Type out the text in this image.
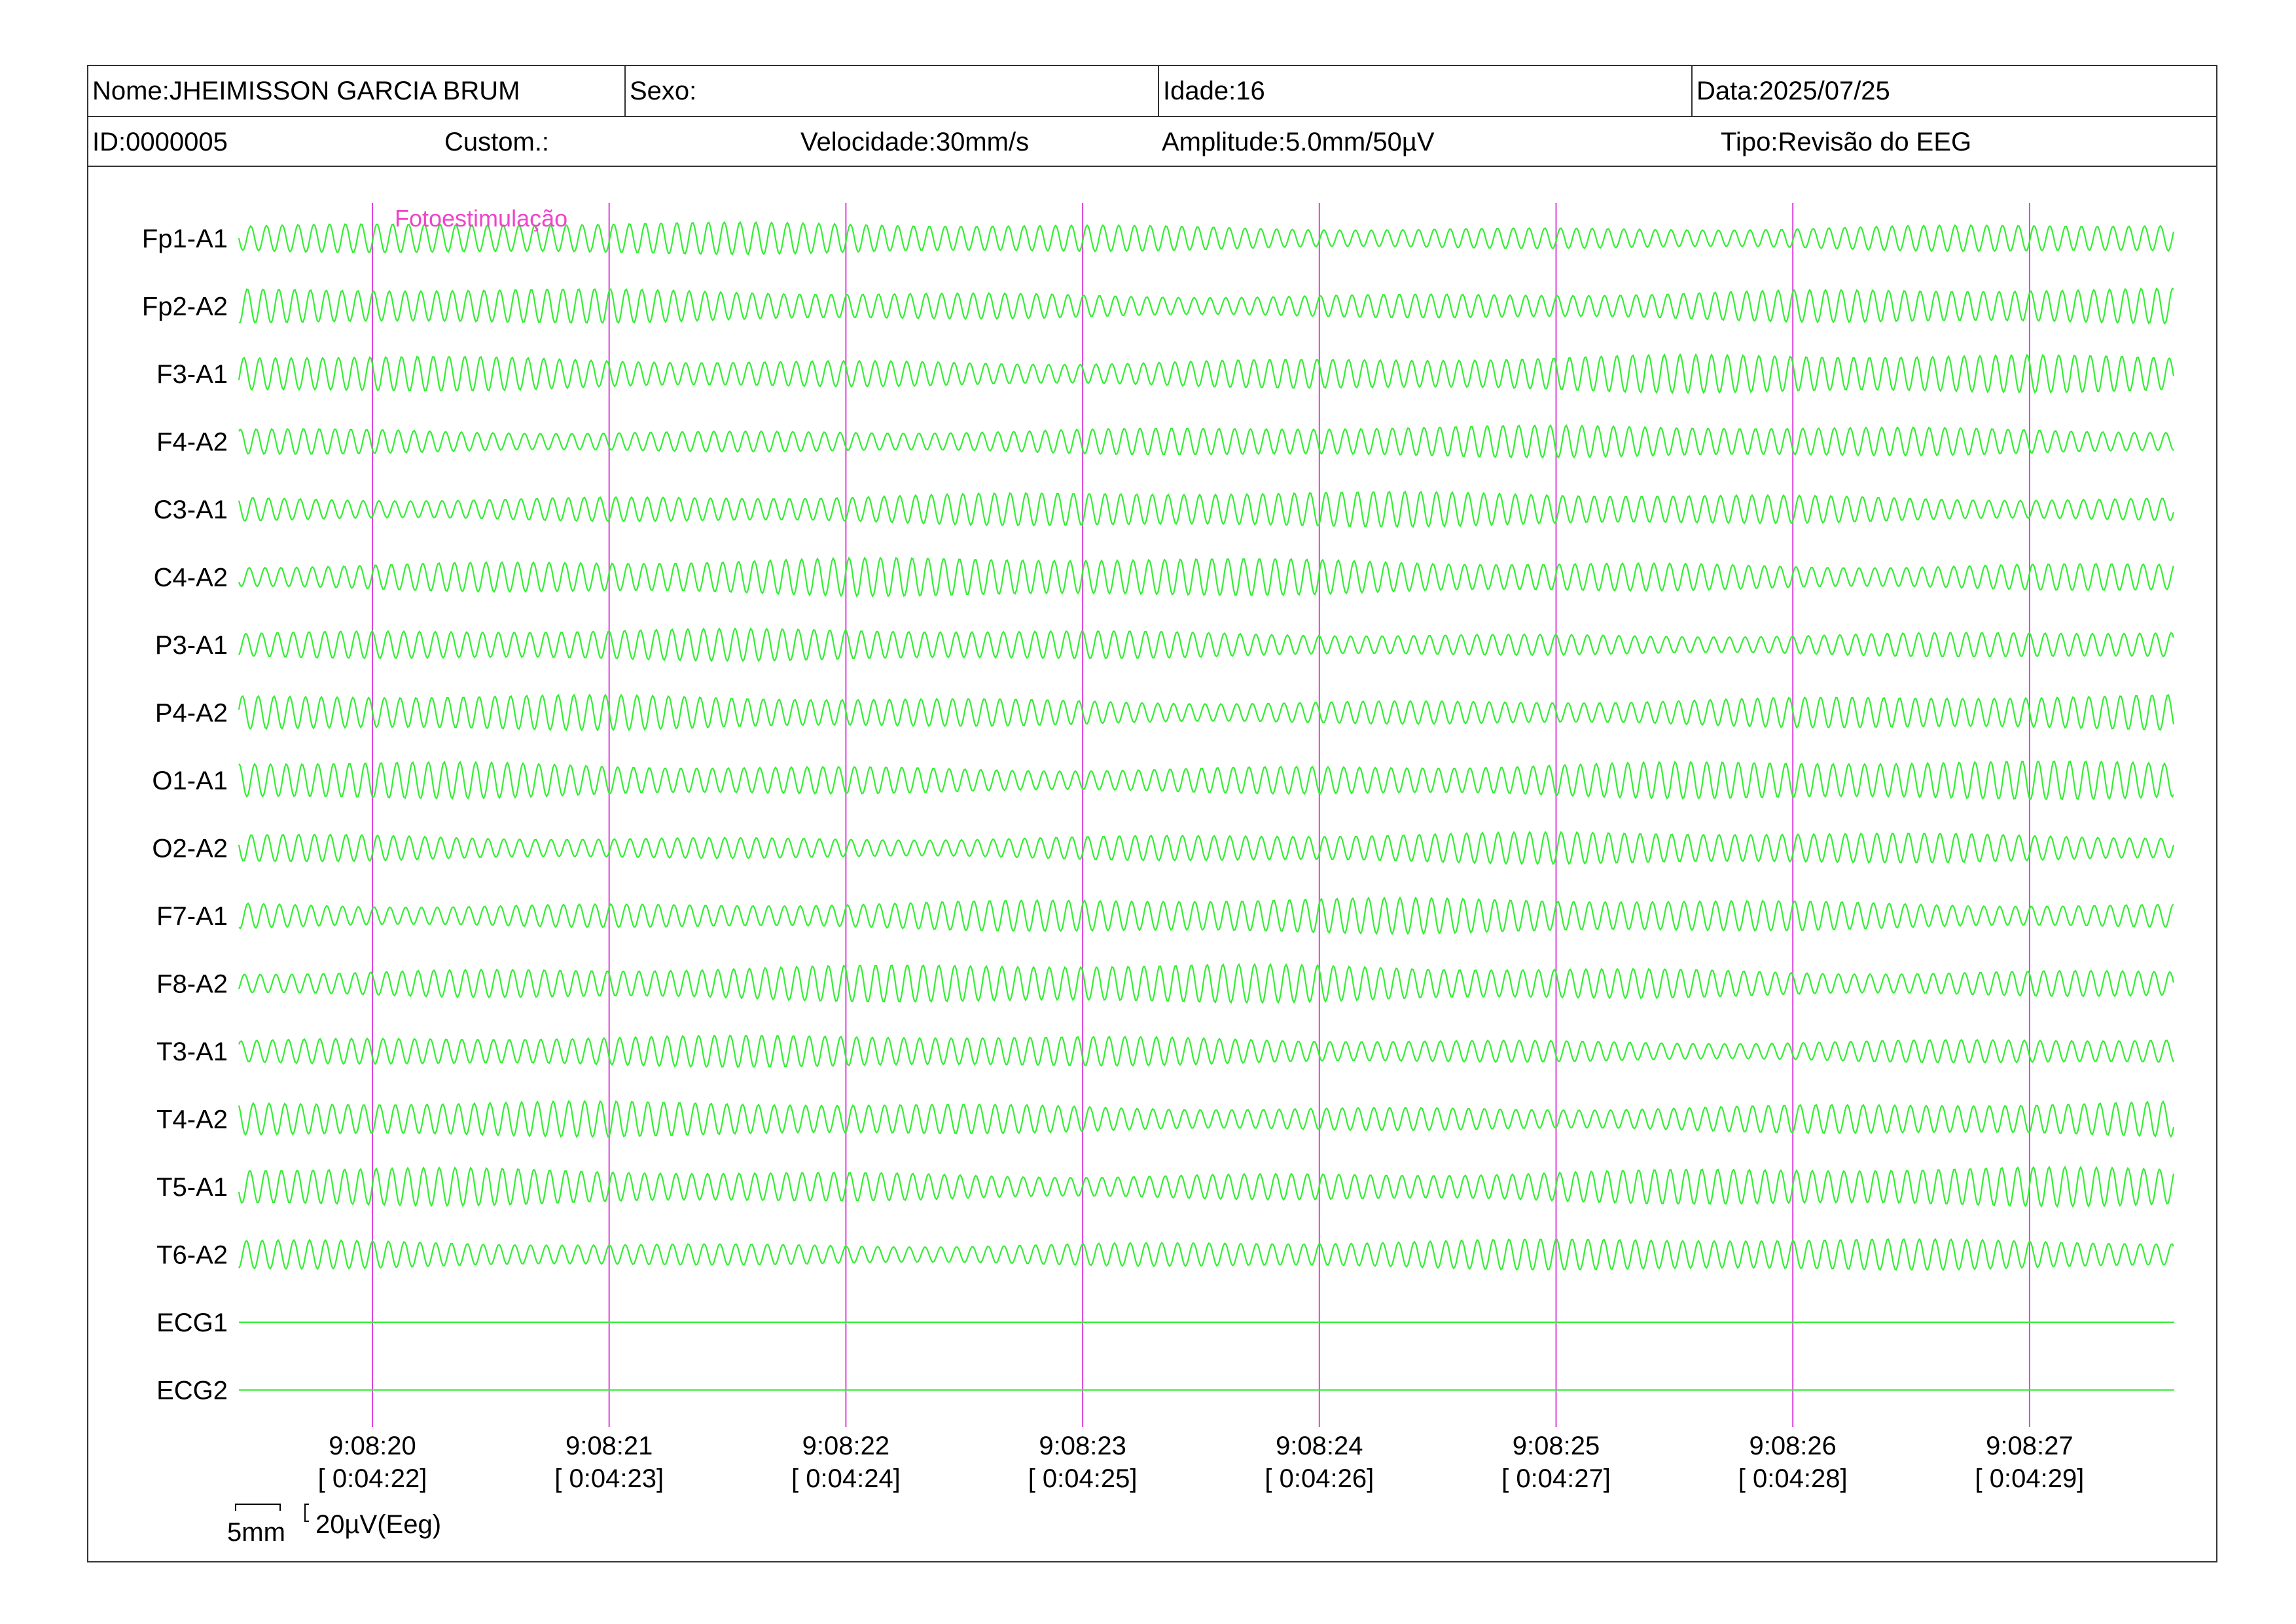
Nome:JHEIMISSON GARCIA BRUM	Sexo:	Idade:16	Data:2025/07/25
ID:0000005	Custom.:	Velocidade:30mm/s	Amplitude:5.0mm/50µV	Tipo:Revisão do EEG
Fp1-A1
Fp2-A2
F3-A1
F4-A2
C3-A1
C4-A2
P3-A1
P4-A2
O1-A1
O2-A2
F7-A1
F8-A2
T3-A1
T4-A2
T5-A1
T6-A2
ECG1
ECG2
9:08:20
[ 0:04:22]
9:08:21
[ 0:04:23]
9:08:22
[ 0:04:24]
9:08:23
[ 0:04:25]
9:08:24
[ 0:04:26]
9:08:25
[ 0:04:27]
9:08:26
[ 0:04:28]
9:08:27
[ 0:04:29]
Fotoestimulação
5mm 20µV(Eeg)
